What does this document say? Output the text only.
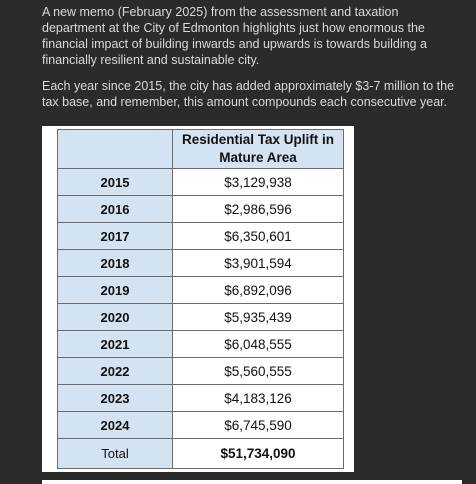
A new memo (February 2025) from the assessment and taxation department at the City of Edmonton highlights just how enormous the financial impact of building inwards and upwards is towards building a financially resilient and sustainable city.

Each year since 2015, the city has added approximately $3-7 million to the tax base, and remember, this amount compounds each consecutive year.

	Residential Tax Uplift in Mature Area
2015	$3,129,938
2016	$2,986,596
2017	$6,350,601
2018	$3,901,594
2019	$6,892,096
2020	$5,935,439
2021	$6,048,555
2022	$5,560,555
2023	$4,183,126
2024	$6,745,590
Total	$51,734,090
